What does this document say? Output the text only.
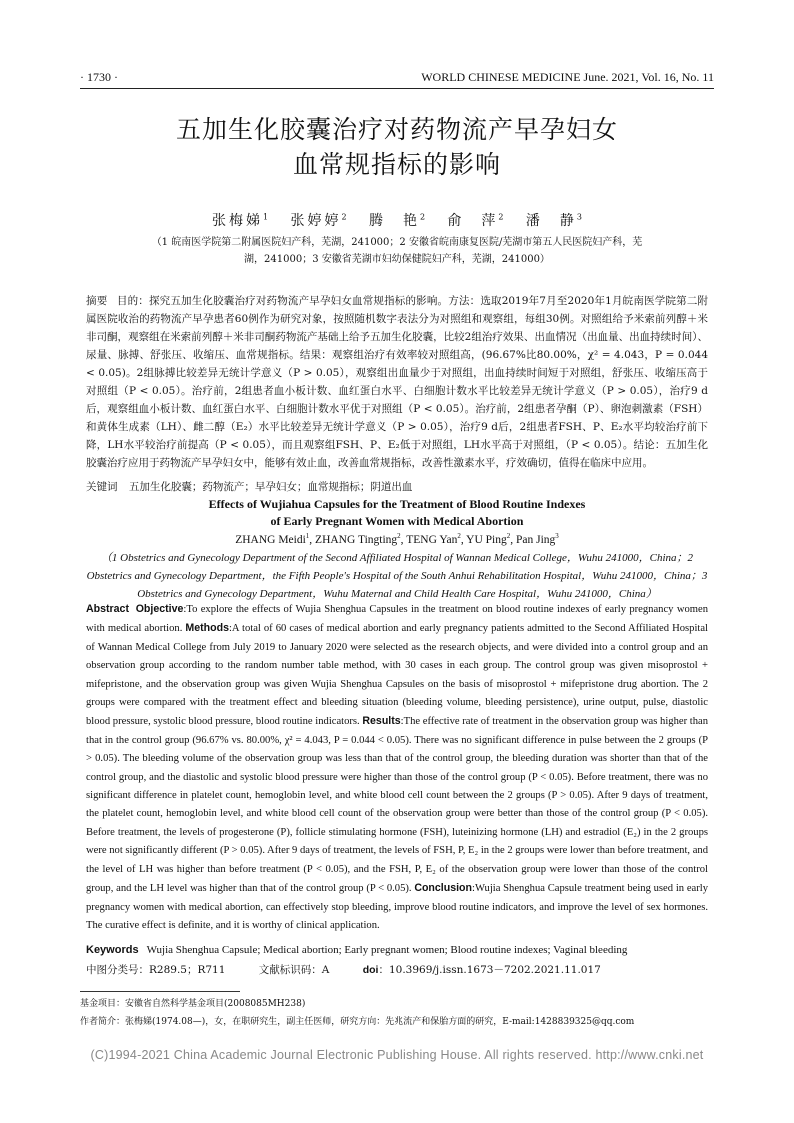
· 1730 ·	WORLD CHINESE MEDICINE June. 2021, Vol. 16, No. 11
五加生化胶囊治疗对药物流产早孕妇女
血常规指标的影响
张梅娣$^1$ 张婷婷$^2$ 腾　艳$^2$ 俞　萍$^2$ 潘　静$^3$
（1 皖南医学院第二附属医院妇产科，芜湖，241000；2 安徽省皖南康复医院/芜湖市第五人民医院妇产科，芜湖，241000；3 安徽省芜湖市妇幼保健院妇产科，芜湖，241000）
摘要 目的：探究五加生化胶囊治疗对药物流产早孕妇女血常规指标的影响。方法：选取2019年7月至2020年1月皖南医学院第二附属医院收治的药物流产早孕患者60例作为研究对象，按照随机数字表法分为对照组和观察组，每组30例。对照组给予米索前列醇＋米非司酮，观察组在米索前列醇＋米非司酮药物流产基础上给予五加生化胶囊，比较2组治疗效果、出血情况（出血量、出血持续时间）、尿量、脉搏、舒张压、收缩压、血常规指标。结果：观察组治疗有效率较对照组高，(96.67%比80.00%，χ² = 4.043，P = 0.044 < 0.05)。2组脉搏比较差异无统计学意义（P > 0.05），观察组出血量少于对照组，出血持续时间短于对照组，舒张压、收缩压高于对照组（P < 0.05）。治疗前，2组患者血小板计数、血红蛋白水平、白细胞计数水平比较差异无统计学意义（P > 0.05），治疗9 d后，观察组血小板计数、血红蛋白水平、白细胞计数水平优于对照组（P < 0.05）。治疗前，2组患者孕酮（P）、卵泡刺激素（FSH）和黄体生成素（LH）、雌二醇（E₂）水平比较差异无统计学意义（P > 0.05），治疗9 d后，2组患者FSH、P、E₂水平均较治疗前下降，LH水平较治疗前提高（P < 0.05），而且观察组FSH、P、E₂低于对照组，LH水平高于对照组，（P < 0.05）。结论：五加生化胶囊治疗应用于药物流产早孕妇女中，能够有效止血，改善血常规指标，改善性激素水平，疗效确切，值得在临床中应用。
关键词 五加生化胶囊；药物流产；早孕妇女；血常规指标；阴道出血
Effects of Wujiahua Capsules for the Treatment of Blood Routine Indexes
of Early Pregnant Women with Medical Abortion
ZHANG Meidi$^1$, ZHANG Tingting$^2$, TENG Yan$^2$, YU Ping$^2$, Pan Jing$^3$
（1 Obstetrics and Gynecology Department of the Second Affiliated Hospital of Wannan Medical College，Wuhu 241000，China；2 Obstetrics and Gynecology Department，the Fifth People's Hospital of the South Anhui Rehabilitation Hospital，Wuhu 241000，China；3 Obstetrics and Gynecology Department，Wuhu Maternal and Child Health Care Hospital，Wuhu 241000，China）
Abstract Objective:To explore the effects of Wujia Shenghua Capsules in the treatment on blood routine indexes of early pregnancy women with medical abortion. Methods:A total of 60 cases of medical abortion and early pregnancy patients admitted to the Second Affiliated Hospital of Wannan Medical College from July 2019 to January 2020 were selected as the research objects, and were divided into a control group and an observation group according to the random number table method, with 30 cases in each group. The control group was given misoprostol + mifepristone, and the observation group was given Wujia Shenghua Capsules on the basis of misoprostol + mifepristone drug abortion. The 2 groups were compared with the treatment effect and bleeding situation (bleeding volume, bleeding persistence), urine output, pulse, diastolic blood pressure, systolic blood pressure, blood routine indicators. Results:The effective rate of treatment in the observation group was higher than that in the control group (96.67% vs. 80.00%, χ² = 4.043, P = 0.044 < 0.05). There was no significant difference in pulse between the 2 groups (P > 0.05). The bleeding volume of the observation group was less than that of the control group, the bleeding duration was shorter than that of the control group, and the diastolic and systolic blood pressure were higher than those of the control group (P < 0.05). Before treatment, there was no significant difference in platelet count, hemoglobin level, and white blood cell count between the 2 groups (P > 0.05). After 9 days of treatment, the platelet count, hemoglobin level, and white blood cell count of the observation group were better than those of the control group (P < 0.05). Before treatment, the levels of progesterone (P), follicle stimulating hormone (FSH), luteinizing hormone (LH) and estradiol (E₂) in the 2 groups were not significantly different (P > 0.05). After 9 days of treatment, the levels of FSH, P, E₂ in the 2 groups were lower than before treatment, and the level of LH was higher than before treatment (P < 0.05), and the FSH, P, E₂ of the observation group were lower than those of the control group, and the LH level was higher than that of the control group (P < 0.05). Conclusion:Wujia Shenghua Capsule treatment being used in early pregnancy women with medical abortion, can effectively stop bleeding, improve blood routine indicators, and improve the level of sex hormones. The curative effect is definite, and it is worthy of clinical application.
Keywords Wujia Shenghua Capsule; Medical abortion; Early pregnant women; Blood routine indexes; Vaginal bleeding
中图分类号：R289.5；R711	文献标识码：A	doi：10.3969/j.issn.1673－7202.2021.11.017
基金项目：安徽省自然科学基金项目(2008085MH238)
作者简介：张梅娣(1974.08—)，女，在职研究生，副主任医师，研究方向：先兆流产和保胎方面的研究，E-mail:1428839325@qq.com
(C)1994-2021 China Academic Journal Electronic Publishing House. All rights reserved. http://www.cnki.net
